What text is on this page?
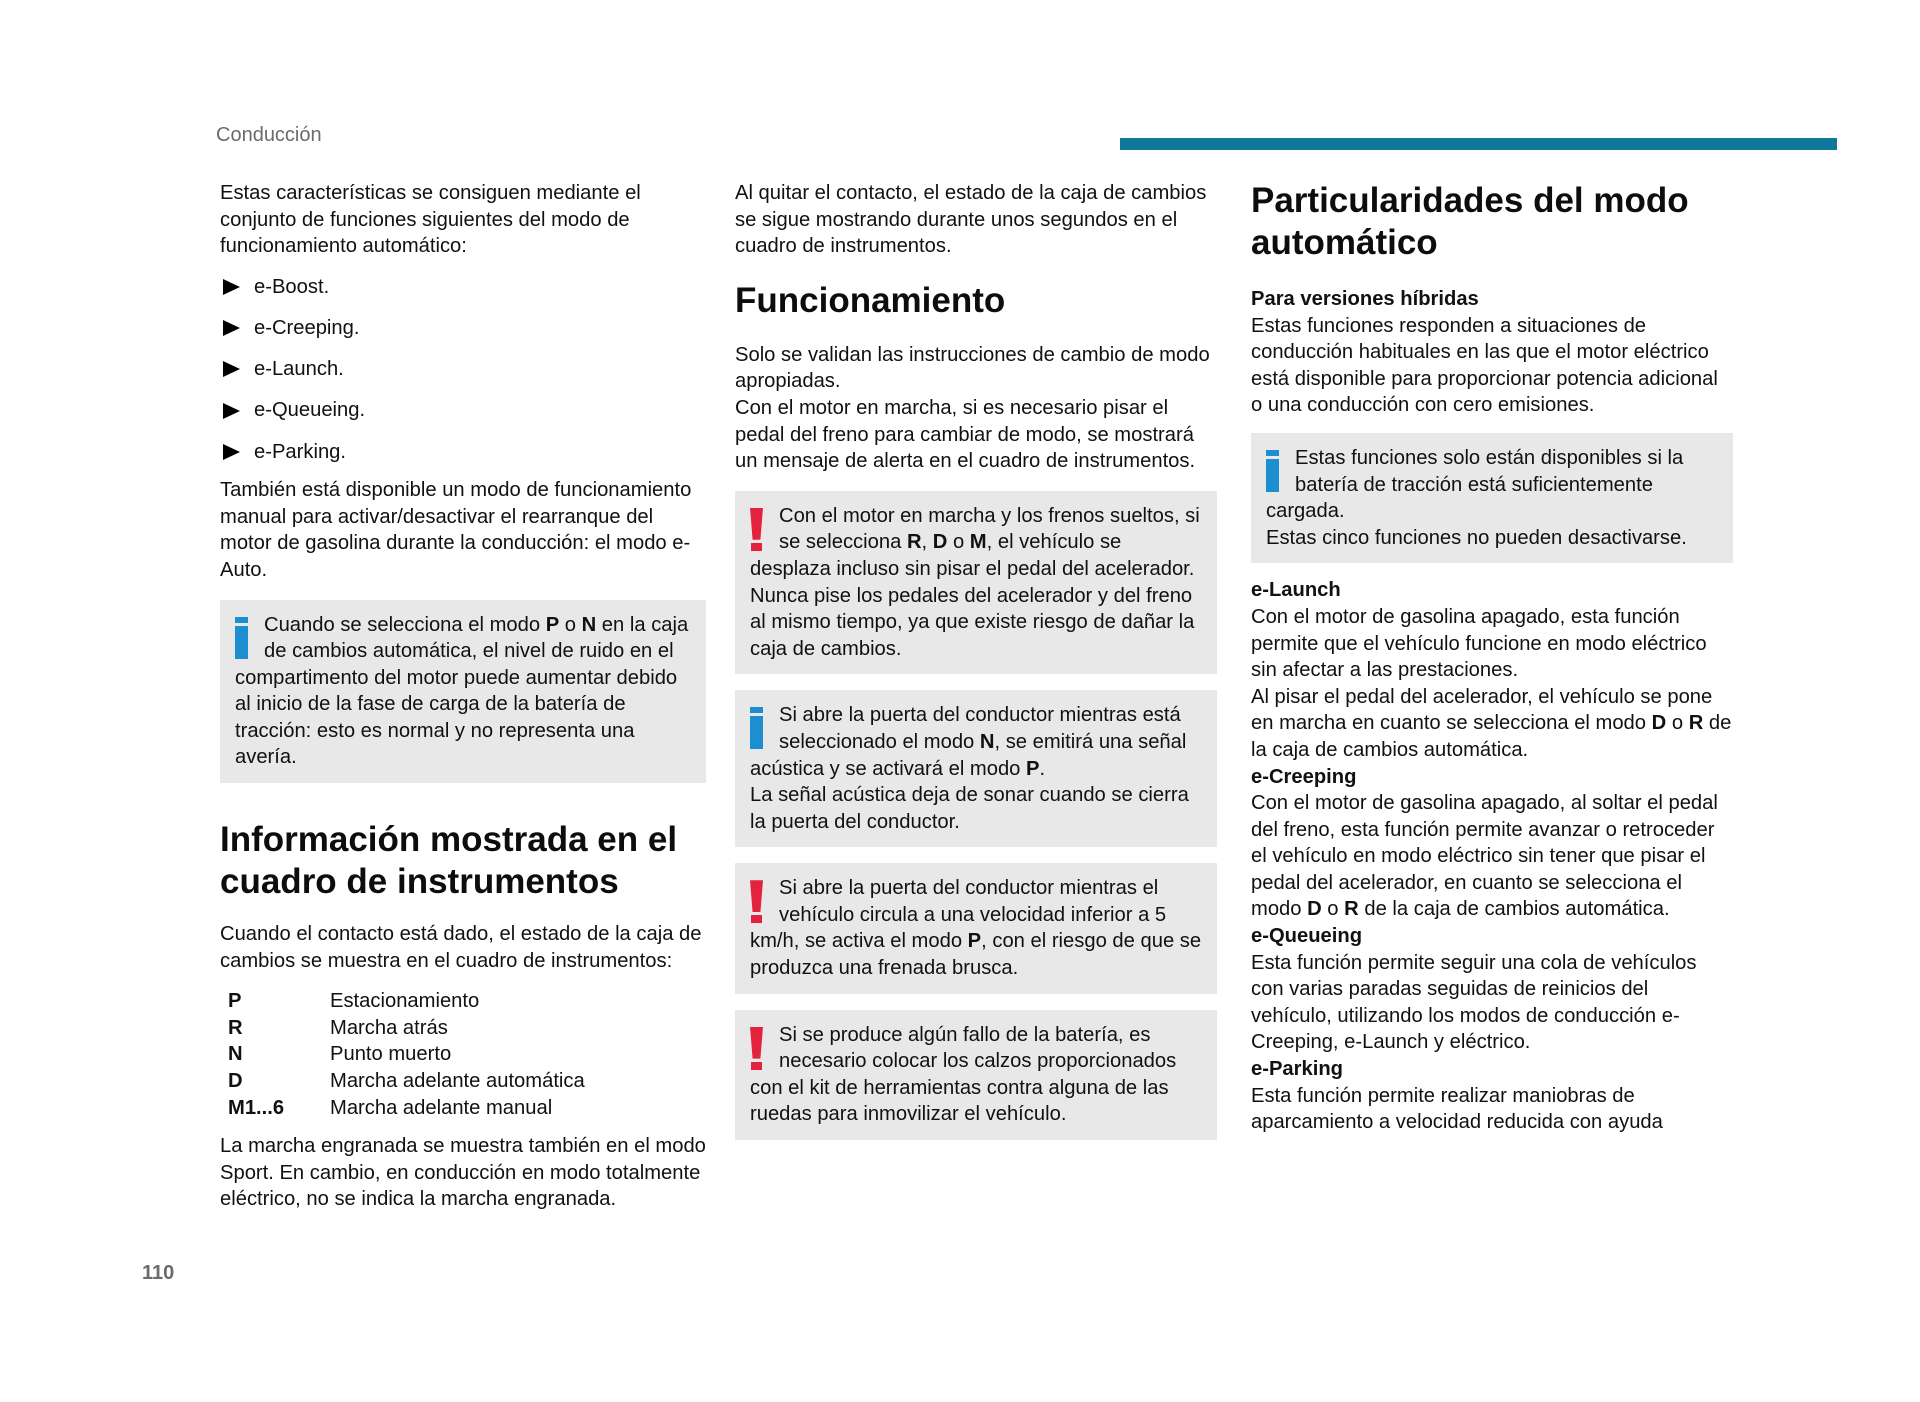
Conducción

Estas características se consiguen mediante el conjunto de funciones siguientes del modo de funcionamiento automático:

e-Boost.
e-Creeping.
e-Launch.
e-Queueing.
e-Parking.

También está disponible un modo de funcionamiento manual para activar/desactivar el rearranque del motor de gasolina durante la conducción: el modo e-Auto.

Cuando se selecciona el modo P o N en la caja de cambios automática, el nivel de ruido en el compartimento del motor puede aumentar debido al inicio de la fase de carga de la batería de tracción: esto es normal y no representa una avería.
Información mostrada en el cuadro de instrumentos

Cuando el contacto está dado, el estado de la caja de cambios se muestra en el cuadro de instrumentos:

P	Estacionamiento
R	Marcha atrás
N	Punto muerto
D	Marcha adelante automática
M1...6	Marcha adelante manual

La marcha engranada se muestra también en el modo Sport. En cambio, en conducción en modo totalmente eléctrico, no se indica la marcha engranada.

Al quitar el contacto, el estado de la caja de cambios se sigue mostrando durante unos segundos en el cuadro de instrumentos.

Funcionamiento

Solo se validan las instrucciones de cambio de modo apropiadas.

Con el motor en marcha, si es necesario pisar el pedal del freno para cambiar de modo, se mostrará un mensaje de alerta en el cuadro de instrumentos.

Con el motor en marcha y los frenos sueltos, si se selecciona R, D o M, el vehículo se desplaza incluso sin pisar el pedal del acelerador.

Nunca pise los pedales del acelerador y del freno al mismo tiempo, ya que existe riesgo de dañar la caja de cambios.

Si abre la puerta del conductor mientras está seleccionado el modo N, se emitirá una señal acústica y se activará el modo P.

La señal acústica deja de sonar cuando se cierra la puerta del conductor.

Si abre la puerta del conductor mientras el vehículo circula a una velocidad inferior a 5 km/h, se activa el modo P, con el riesgo de que se produzca una frenada brusca.
Si se produce algún fallo de la batería, es necesario colocar los calzos proporcionados con el kit de herramientas contra alguna de las ruedas para inmovilizar el vehículo.
Particularidades del modo automático
Para versiones híbridas

Estas funciones responden a situaciones de conducción habituales en las que el motor eléctrico está disponible para proporcionar potencia adicional o una conducción con cero emisiones.

Estas funciones solo están disponibles si la batería de tracción está suficientemente cargada.

Estas cinco funciones no pueden desactivarse.

e-Launch

Con el motor de gasolina apagado, esta función permite que el vehículo funcione en modo eléctrico sin afectar a las prestaciones.

Al pisar el pedal del acelerador, el vehículo se pone en marcha en cuanto se selecciona el modo D o R de la caja de cambios automática.

e-Creeping

Con el motor de gasolina apagado, al soltar el pedal del freno, esta función permite avanzar o retroceder el vehículo en modo eléctrico sin tener que pisar el pedal del acelerador, en cuanto se selecciona el modo D o R de la caja de cambios automática.

e-Queueing

Esta función permite seguir una cola de vehículos con varias paradas seguidas de reinicios del vehículo, utilizando los modos de conducción e-Creeping, e-Launch y eléctrico.

e-Parking

Esta función permite realizar maniobras de aparcamiento a velocidad reducida con ayuda

110
